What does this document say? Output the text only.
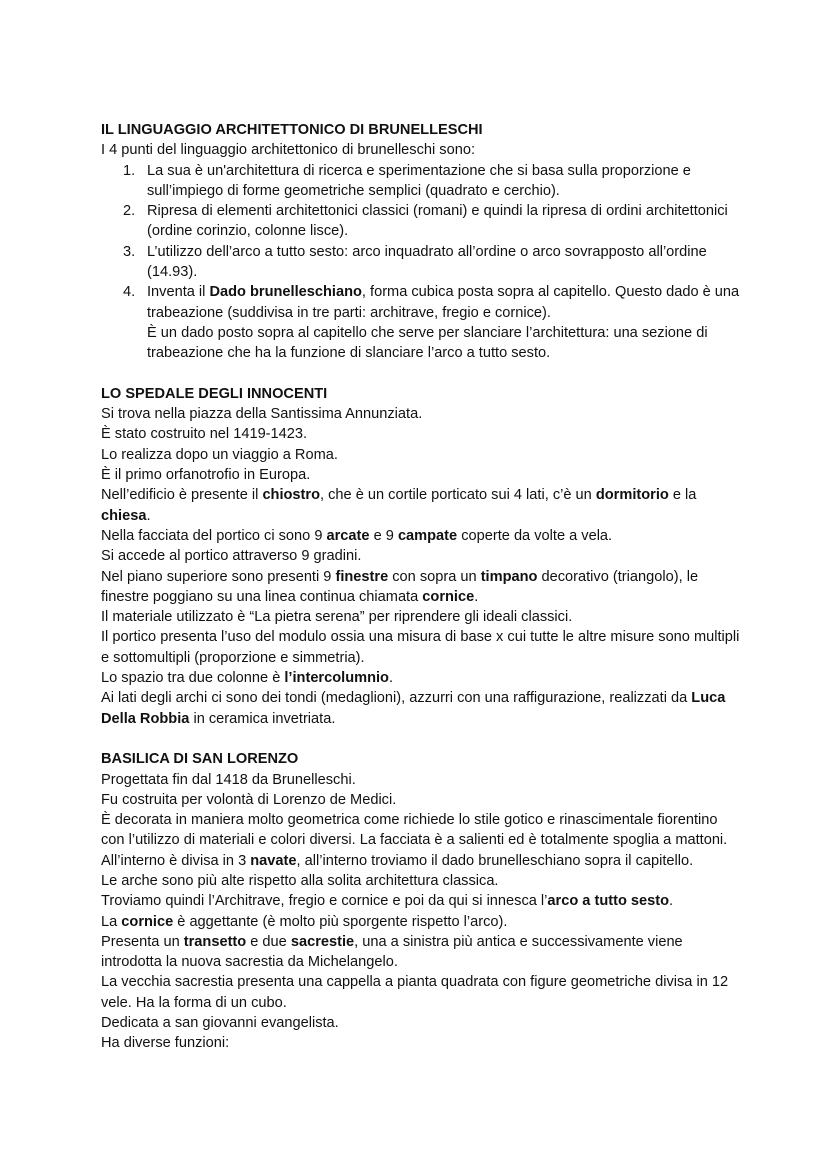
IL LINGUAGGIO ARCHITETTONICO DI BRUNELLESCHI

I 4 punti del linguaggio architettonico di brunelleschi sono:

1. La sua è un'architettura di ricerca e sperimentazione che si basa sulla proporzione e sull’impiego di forme geometriche semplici (quadrato e cerchio).
2. Ripresa di elementi architettonici classici (romani) e quindi la ripresa di ordini architettonici (ordine corinzio, colonne lisce).
3. L’utilizzo dell’arco a tutto sesto: arco inquadrato all’ordine o arco sovrapposto all’ordine (14.93).
4. Inventa il Dado brunelleschiano, forma cubica posta sopra al capitello. Questo dado è una trabeazione (suddivisa in tre parti: architrave, fregio e cornice).
È un dado posto sopra al capitello che serve per slanciare l’architettura: una sezione di trabeazione che ha la funzione di slanciare l’arco a tutto sesto.

LO SPEDALE DEGLI INNOCENTI

Si trova nella piazza della Santissima Annunziata.

È stato costruito nel 1419-1423.

Lo realizza dopo un viaggio a Roma.

È il primo orfanotrofio in Europa.

Nell’edificio è presente il chiostro, che è un cortile porticato sui 4 lati, c’è un dormitorio e la chiesa.

Nella facciata del portico ci sono 9 arcate e 9 campate coperte da volte a vela.

Si accede al portico attraverso 9 gradini.

Nel piano superiore sono presenti 9 finestre con sopra un timpano decorativo (triangolo), le finestre poggiano su una linea continua chiamata cornice.

Il materiale utilizzato è “La pietra serena” per riprendere gli ideali classici.

Il portico presenta l’uso del modulo ossia una misura di base x cui tutte le altre misure sono multipli e sottomultipli (proporzione e simmetria).

Lo spazio tra due colonne è l’intercolumnio.

Ai lati degli archi ci sono dei tondi (medaglioni), azzurri con una raffigurazione, realizzati da Luca Della Robbia in ceramica invetriata.

BASILICA DI SAN LORENZO

Progettata fin dal 1418 da Brunelleschi.

Fu costruita per volontà di Lorenzo de Medici.

È decorata in maniera molto geometrica come richiede lo stile gotico e rinascimentale fiorentino con l’utilizzo di materiali e colori diversi. La facciata è a salienti ed è totalmente spoglia a mattoni.

All’interno è divisa in 3 navate, all’interno troviamo il dado brunelleschiano sopra il capitello.

Le arche sono più alte rispetto alla solita architettura classica.

Troviamo quindi l’Architrave, fregio e cornice e poi da qui si innesca l’arco a tutto sesto.

La cornice è aggettante (è molto più sporgente rispetto l’arco).

Presenta un transetto e due sacrestie, una a sinistra più antica e successivamente viene introdotta la nuova sacrestia da Michelangelo.

La vecchia sacrestia presenta una cappella a pianta quadrata con figure geometriche divisa in 12 vele. Ha la forma di un cubo.

Dedicata a san giovanni evangelista.

Ha diverse funzioni:
